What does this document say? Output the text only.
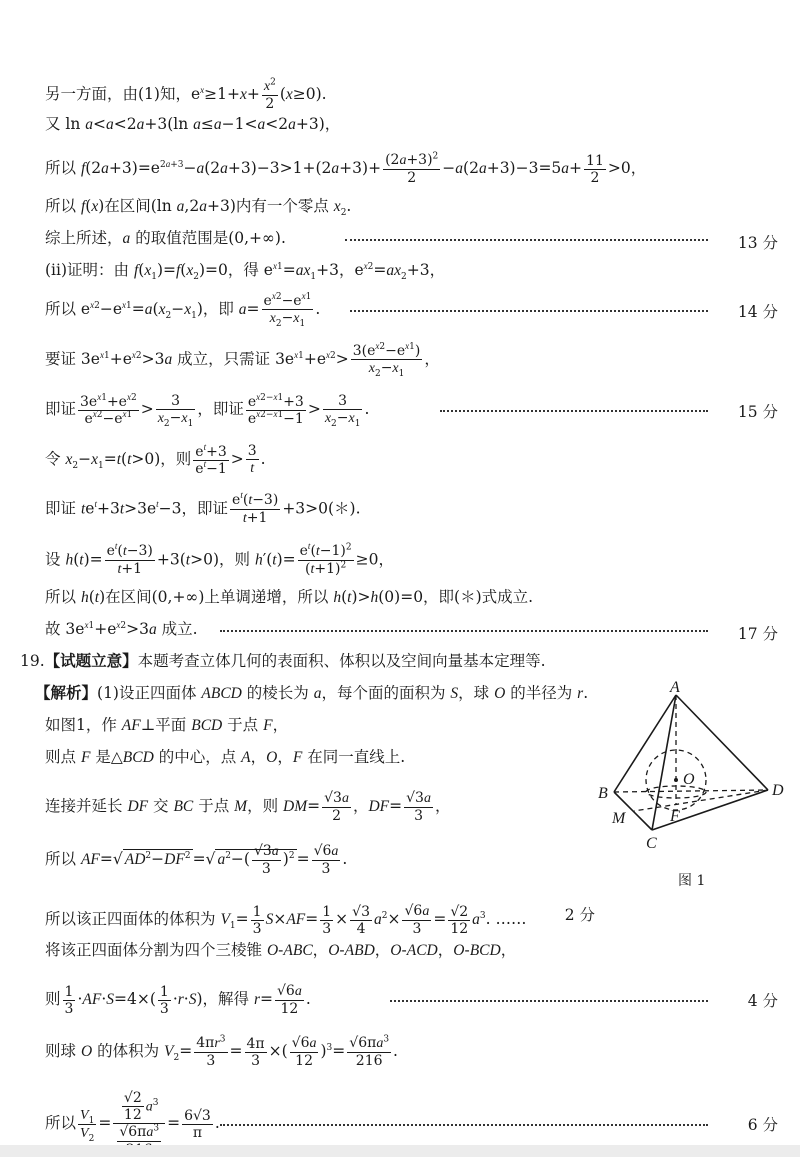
另一方面，由(1)知，$e^x\ge 1+x+ \frac{x^2}{2} (x\ge 0)$.
又 ln a<a<2a+3(ln a≤a−1<a<2a+3)，
所以 $f(2a+3)=e^{2a+3}-a(2a+3)-3>1+(2a+3)+ \frac{(2a+3)^2}{2} -a(2a+3)-3=5a+ \frac{11}{2} >0$，
所以 f(x)在区间(ln a,2a+3)内有一个零点 $x_2$.
综上所述，a 的取值范围是(0,+∞).	13 分
(ii)证明：由 $f(x_1)=f(x_2)=0$，得 $e^{x1}=ax_1+3$，$e^{x2}=ax_2+3$，
所以 $e^{x2}-e^{x1}=a(x_2-x_1)$，即 $a= \frac{e^{x2}-e^{x1}}{x_2-x_1}$ .	14 分
要证 $3e^{x1}+e^{x2}>3a$ 成立，只需证 $3e^{x1}+e^{x2}> \frac{3(e^{x2}-e^{x1})}{x_2-x_1}$ ，
即证 $\frac{3e^{x1}+e^{x2}}{e^{x2}-e^{x1}} > \frac{3}{x_2-x_1}$ ，即证 $\frac{e^{x2-x1}+3}{e^{x2-x1}-1} > \frac{3}{x_2-x_1}$ .	15 分
令 $x_2-x_1=t(t>0)$，则 $\frac{e^t+3}{e^t-1} > \frac{3}{t}$ .
即证 $te^t+3t>3e^t-3$，即证 $\frac{e^t(t-3)}{t+1}$ +3>0(＊).
设 $h(t)= \frac{e^t(t-3)}{t+1} +3(t>0)$，则 $h'(t)= \frac{e^t(t-1)^2}{(t+1)^2} \ge 0$，
所以 h(t)在区间(0,+∞)上单调递增，所以 h(t)>h(0)=0，即(＊)式成立.
故 $3e^{x1}+e^{x2}>3a$ 成立.	17 分
19.【试题立意】本题考查立体几何的表面积、体积以及空间向量基本定理等.
【解析】(1)设正四面体 ABCD 的棱长为 a，每个面的面积为 S，球 O 的半径为 r.
如图1，作 AF⊥平面 BCD 于点 F，
则点 F 是△BCD 的中心，点 A，O，F 在同一直线上.
连接并延长 DF 交 BC 于点 M，则 $DM= \frac{√3a}{2}$ ，$DF= \frac{√3a}{3}$ ，
所以 AF=√ $AD^2-DF^2$ =√ $a^2-( \frac{√3a}{3} )^2 = \frac{√6a}{3}$ .
所以该正四面体的体积为 $V_1= \frac{1}{3} S\times AF= \frac{1}{3} \times \frac{√3}{4} a^2\times \frac{√6a}{3} = \frac{√2}{12} a^3$. ……	2 分
将该正四面体分割为四个三棱锥 O-ABC，O-ABD，O-ACD，O-BCD，
则 $\frac{1}{3} \cdot AF\cdot S=4\times( \frac{1}{3} \cdot r\cdot S)$，解得 $r= \frac{√6a}{12}$ .	4 分
则球 O 的体积为 $V_2= \frac{4\pi r^3}{3} = \frac{4\pi}{3}$ ×( $\frac{√6a}{12} )^3= \frac{√6\pi a^3}{216}$ .
所以 $\frac{V_1}{V_2} = \frac{\frac{√2}{12} a^3}{√6\pi a^3} = \frac{6√3}{\pi}$ .	6 分
A
B
C
D
M	F
O
图 1
